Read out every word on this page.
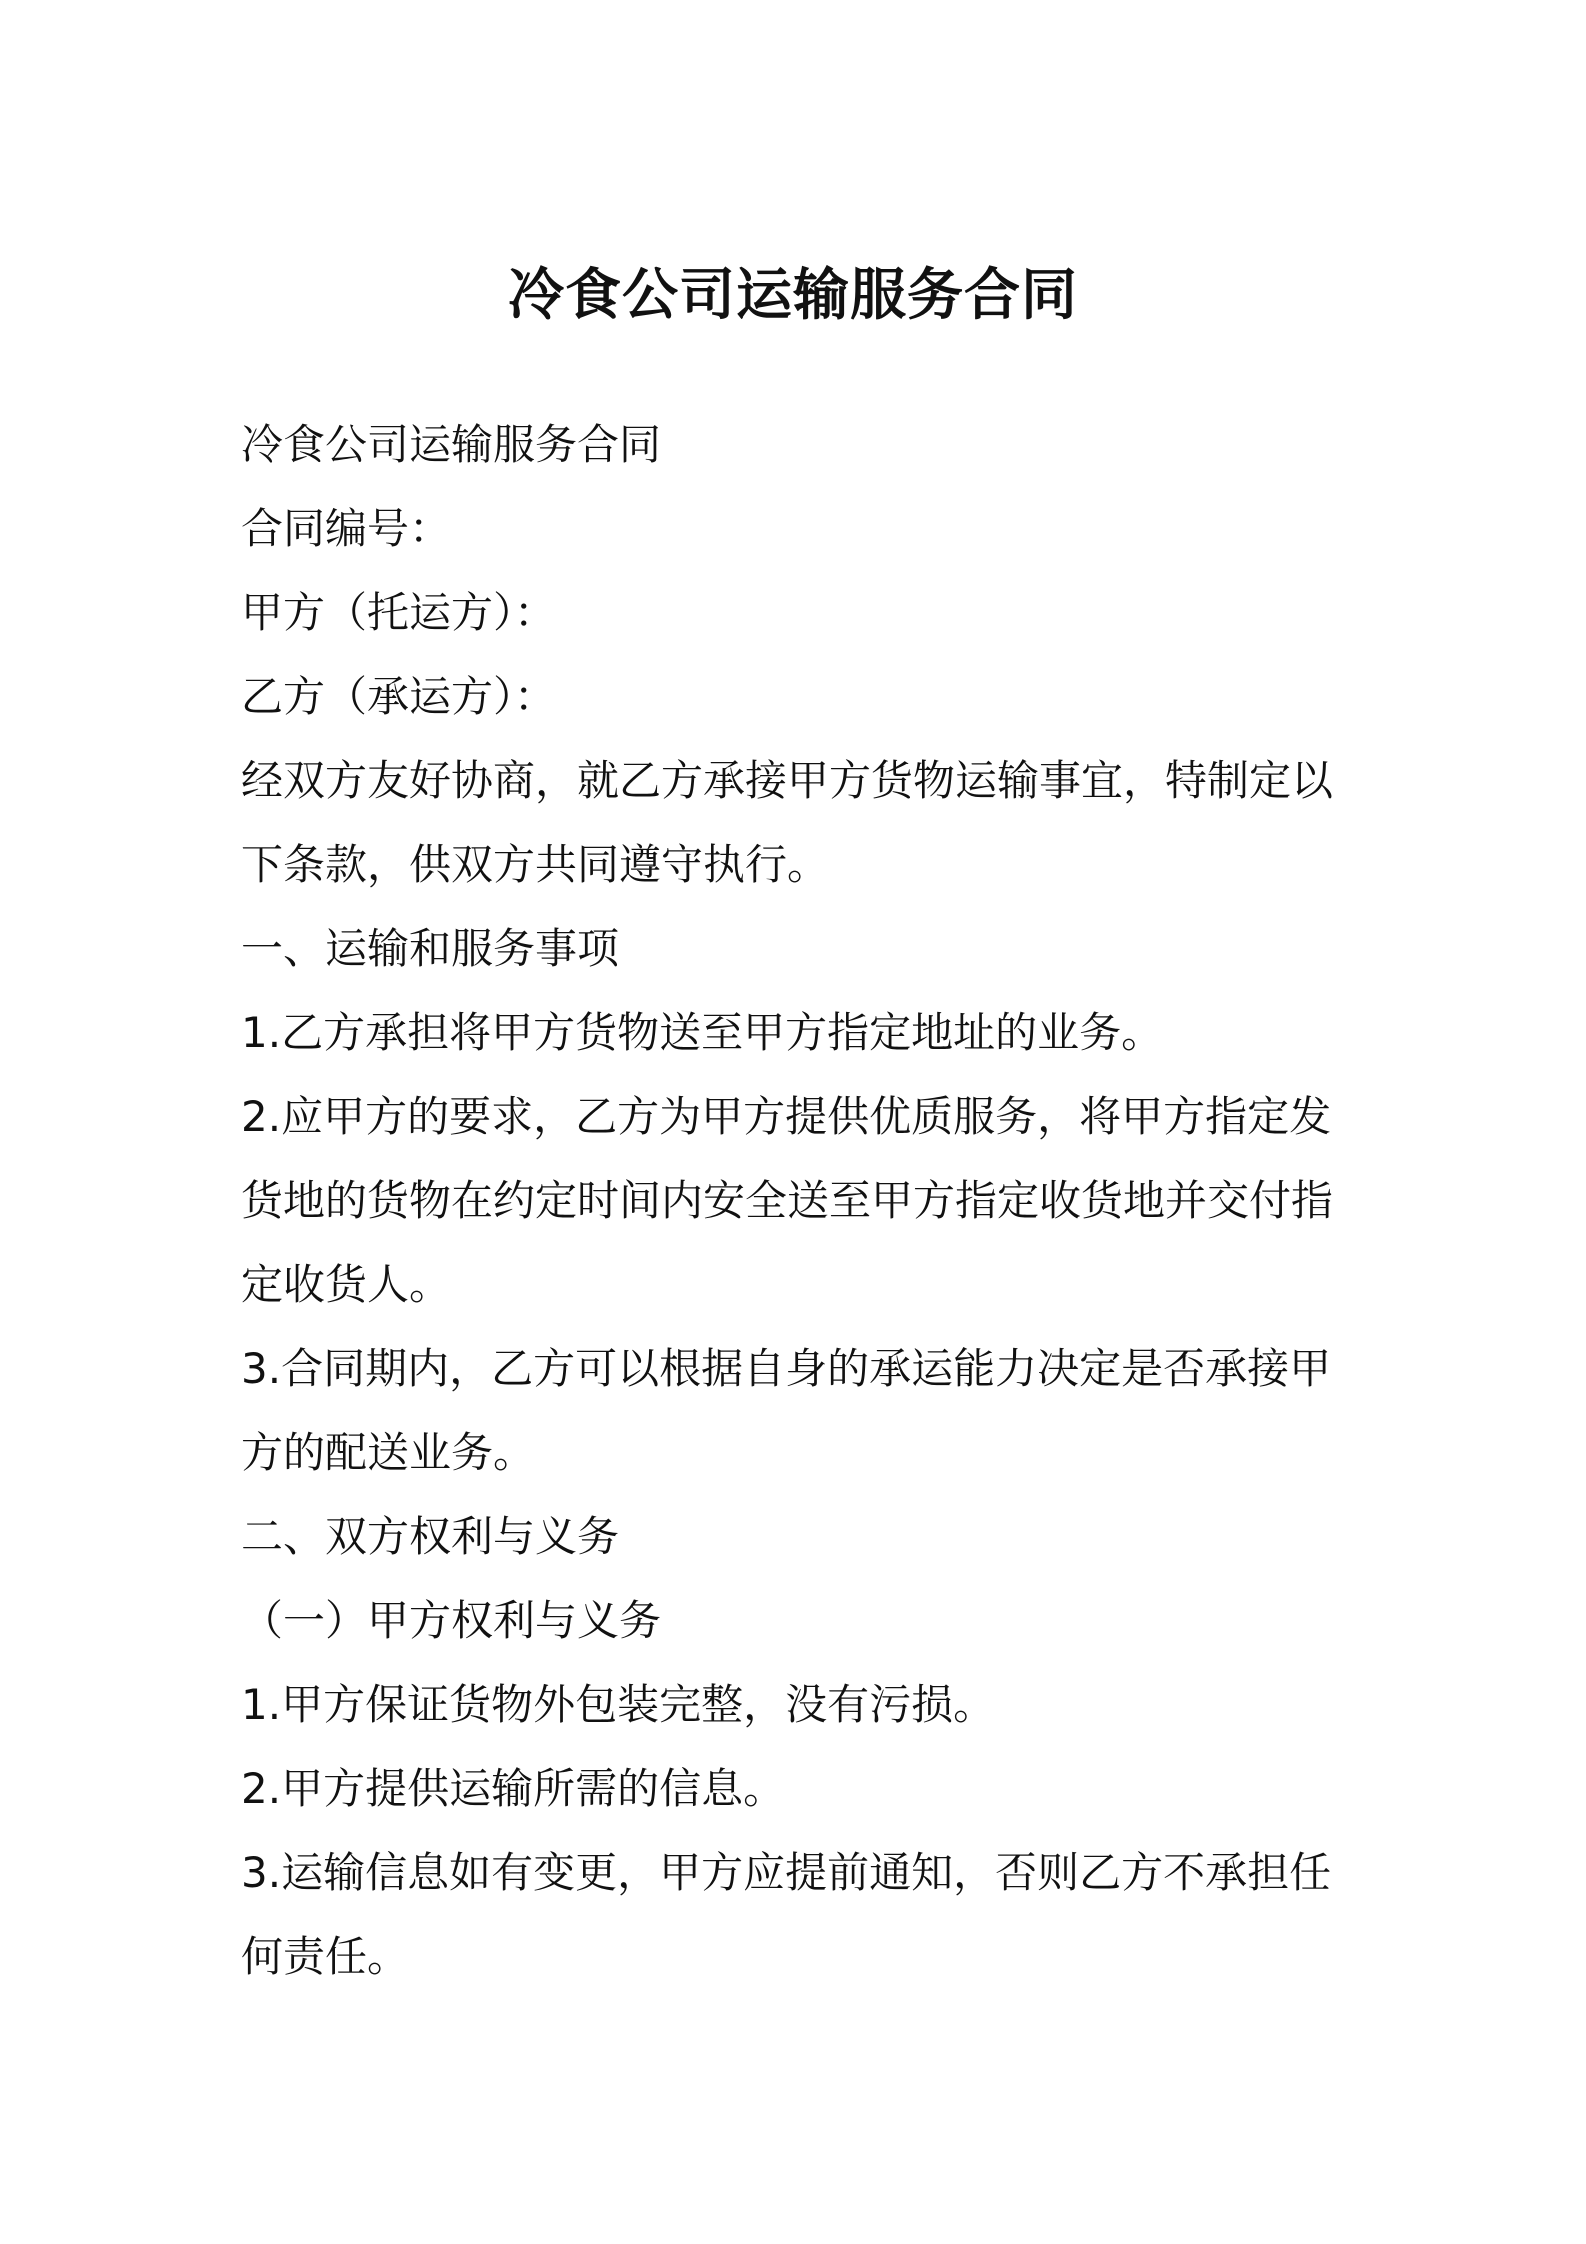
冷食公司运输服务合同

冷食公司运输服务合同

合同编号：

甲方（托运方）：

乙方（承运方）：

经双方友好协商，就乙方承接甲方货物运输事宜，特制定以下条款，供双方共同遵守执行。

一、运输和服务事项

1.乙方承担将甲方货物送至甲方指定地址的业务。

2.应甲方的要求，乙方为甲方提供优质服务，将甲方指定发货地的货物在约定时间内安全送至甲方指定收货地并交付指定收货人。

3.合同期内，乙方可以根据自身的承运能力决定是否承接甲方的配送业务。

二、双方权利与义务

（一）甲方权利与义务

1.甲方保证货物外包装完整，没有污损。

2.甲方提供运输所需的信息。

3.运输信息如有变更，甲方应提前通知，否则乙方不承担任何责任。
